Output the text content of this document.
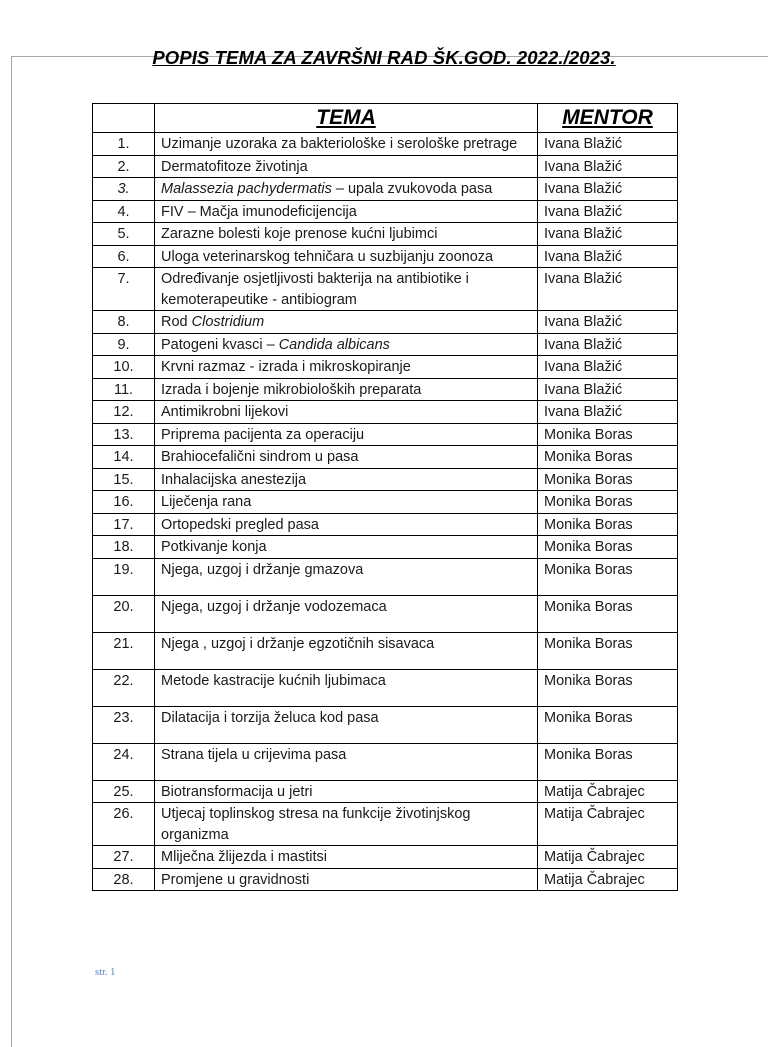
POPIS TEMA ZA ZAVRŠNI RAD ŠK.GOD. 2022./2023.
	TEMA	MENTOR
1.	Uzimanje uzoraka za bakteriološke i serološke pretrage	Ivana Blažić
2.	Dermatofitoze životinja	Ivana Blažić
3.	Malassezia pachydermatis – upala zvukovoda pasa	Ivana Blažić
4.	FIV – Mačja imunodeficijencija	Ivana Blažić
5.	Zarazne bolesti koje prenose kućni ljubimci	Ivana Blažić
6.	Uloga veterinarskog tehničara u suzbijanju zoonoza	Ivana Blažić
7.	Određivanje osjetljivosti bakterija na antibiotike i kemoterapeutike - antibiogram	Ivana Blažić
8.	Rod Clostridium	Ivana Blažić
9.	Patogeni kvasci – Candida albicans	Ivana Blažić
10.	Krvni razmaz - izrada i mikroskopiranje	Ivana Blažić
11.	Izrada i bojenje mikrobioloških preparata	Ivana Blažić
12.	Antimikrobni lijekovi	Ivana Blažić
13.	Priprema pacijenta za operaciju	Monika Boras
14.	Brahiocefalični sindrom u pasa	Monika Boras
15.	Inhalacijska anestezija	Monika Boras
16.	Liječenja rana	Monika Boras
17.	Ortopedski pregled pasa	Monika Boras
18.	Potkivanje konja	Monika Boras
19.	Njega, uzgoj i držanje gmazova	Monika Boras
20.	Njega, uzgoj i držanje vodozemaca	Monika Boras
21.	Njega , uzgoj i držanje egzotičnih sisavaca	Monika Boras
22.	Metode kastracije kućnih ljubimaca	Monika Boras
23.	Dilatacija i torzija želuca kod pasa	Monika Boras
24.	Strana tijela u crijevima pasa	Monika Boras
25.	Biotransformacija u jetri	Matija Čabrajec
26.	Utjecaj toplinskog stresa na funkcije životinjskog organizma	Matija Čabrajec
27.	Mliječna žlijezda i mastitsi	Matija Čabrajec
28.	Promjene u gravidnosti	Matija Čabrajec
str. 1
